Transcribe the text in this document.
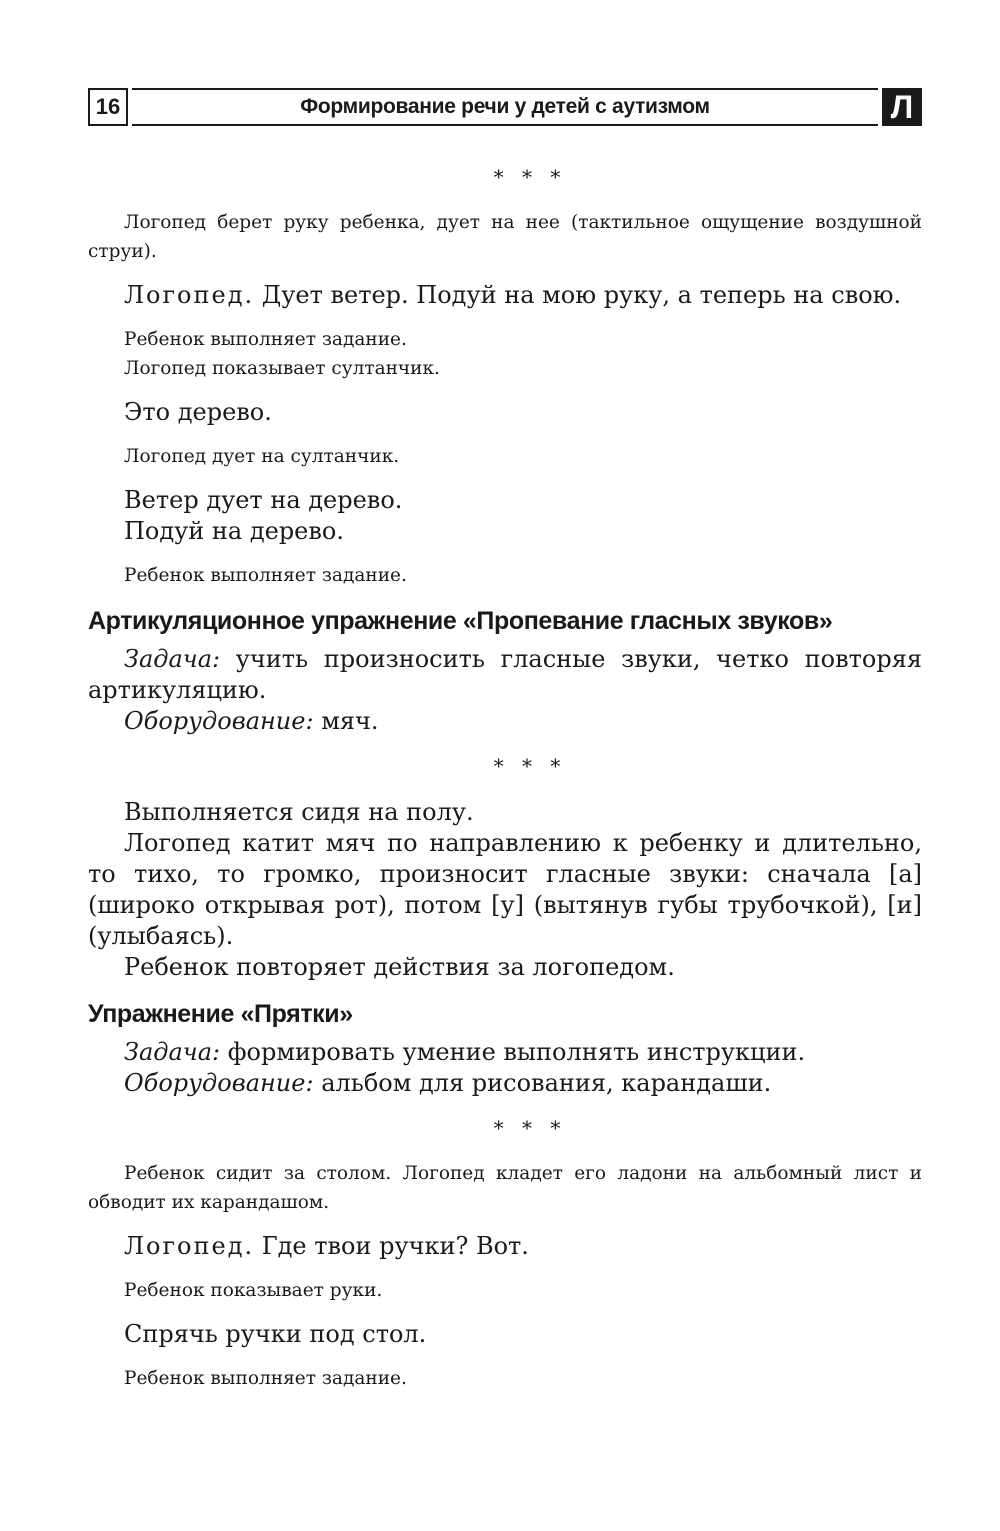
16	Формирование речи у детей с аутизмом	Л
* * *

Логопед берет руку ребенка, дует на нее (тактильное ощущение воздушной струи).

Логопед. Дует ветер. Подуй на мою руку, а теперь на свою.

Ребенок выполняет задание.

Логопед показывает султанчик.

Это дерево.

Логопед дует на султанчик.

Ветер дует на дерево.

Подуй на дерево.

Ребенок выполняет задание.

Артикуляционное упражнение «Пропевание гласных звуков»

Задача: учить произносить гласные звуки, четко повторяя артикуляцию.

Оборудование: мяч.

* * *

Выполняется сидя на полу.

Логопед катит мяч по направлению к ребенку и длительно, то тихо, то громко, произносит гласные звуки: сначала [а] (широко открывая рот), потом [у] (вытянув губы трубочкой), [и] (улыбаясь).

Ребенок повторяет действия за логопедом.

Упражнение «Прятки»

Задача: формировать умение выполнять инструкции.

Оборудование: альбом для рисования, карандаши.

* * *

Ребенок сидит за столом. Логопед кладет его ладони на альбомный лист и обводит их карандашом.

Логопед. Где твои ручки? Вот.

Ребенок показывает руки.

Спрячь ручки под стол.

Ребенок выполняет задание.
